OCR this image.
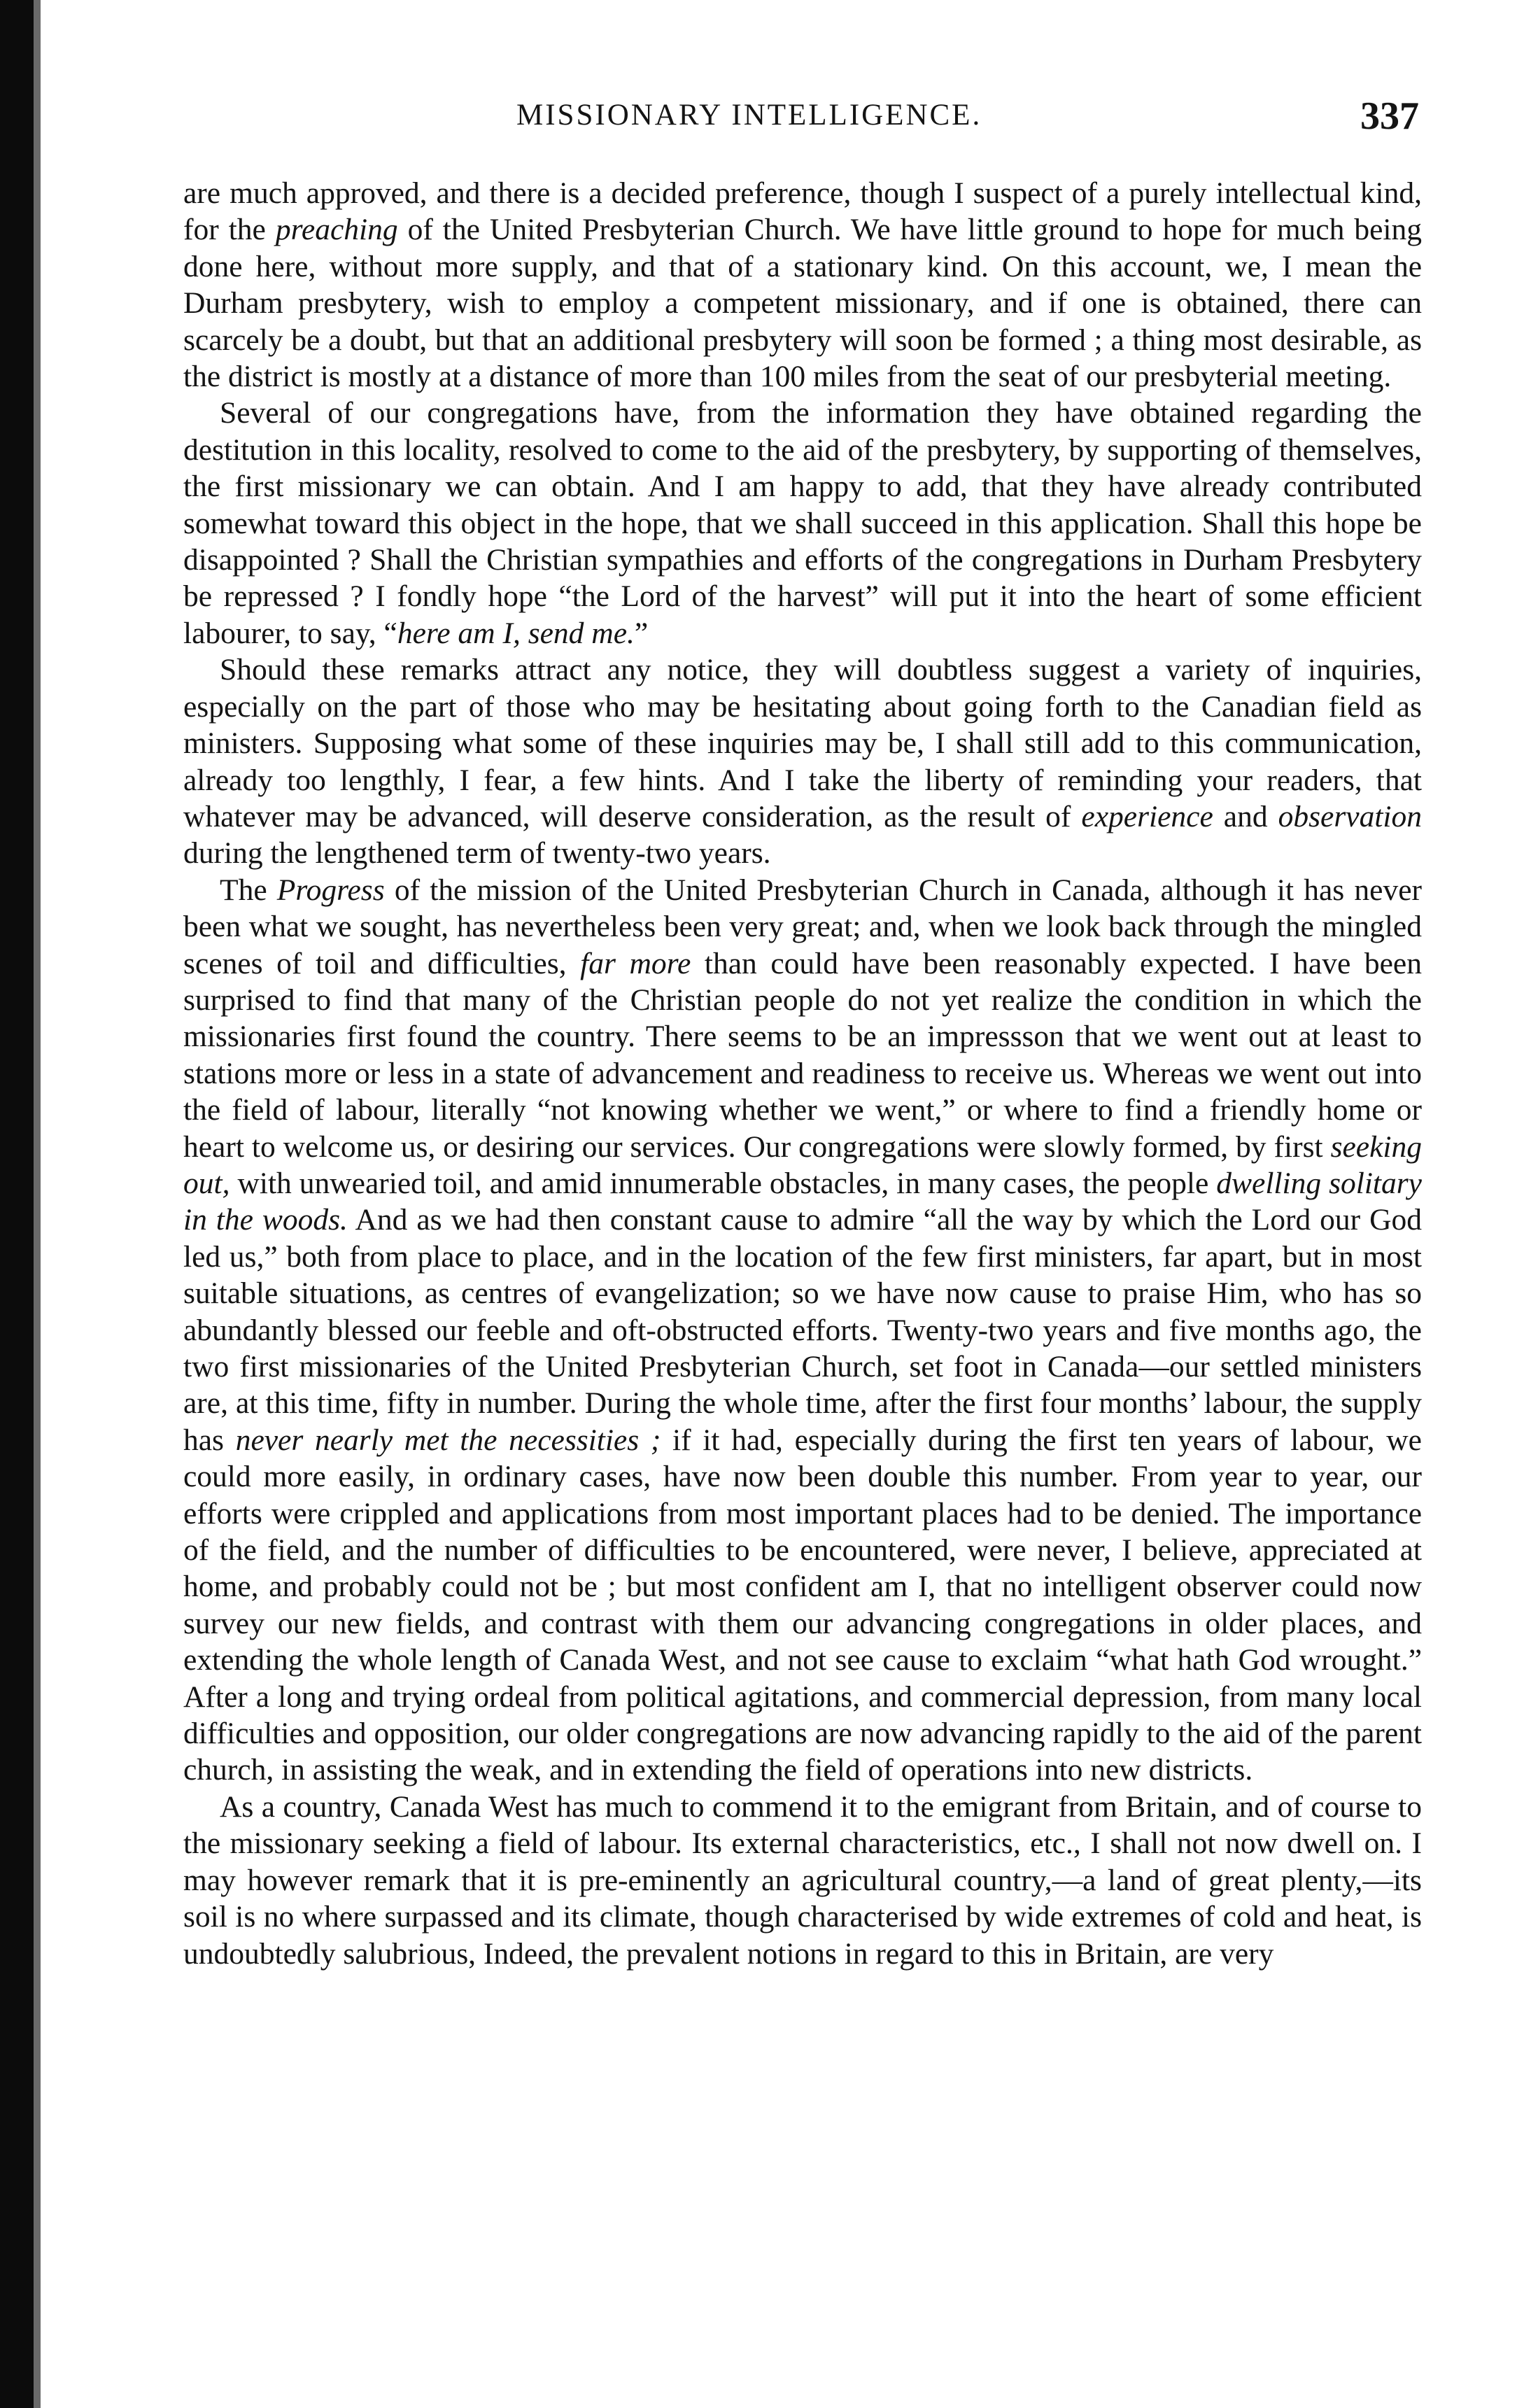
MISSIONARY INTELLIGENCE.	337

are much approved, and there is a decided preference, though I suspect of a purely intellectual kind, for the preaching of the United Presbyterian Church. We have little ground to hope for much being done here, without more supply, and that of a stationary kind. On this account, we, I mean the Durham presbytery, wish to employ a competent missionary, and if one is obtained, there can scarcely be a doubt, but that an additional presbytery will soon be formed ; a thing most desirable, as the district is mostly at a distance of more than 100 miles from the seat of our presbyterial meeting.

Several of our congregations have, from the information they have obtained regarding the destitution in this locality, resolved to come to the aid of the presbytery, by supporting of themselves, the first missionary we can obtain. And I am happy to add, that they have already contributed somewhat toward this object in the hope, that we shall succeed in this application. Shall this hope be disappointed ? Shall the Christian sympathies and efforts of the congregations in Durham Presbytery be repressed ? I fondly hope “the Lord of the harvest” will put it into the heart of some efficient labourer, to say, “here am I, send me.”

Should these remarks attract any notice, they will doubtless suggest a variety of inquiries, especially on the part of those who may be hesitating about going forth to the Canadian field as ministers. Supposing what some of these inquiries may be, I shall still add to this communication, already too lengthly, I fear, a few hints. And I take the liberty of reminding your readers, that whatever may be advanced, will deserve consideration, as the result of experience and observation during the lengthened term of twenty-two years.

The Progress of the mission of the United Presbyterian Church in Canada, although it has never been what we sought, has nevertheless been very great; and, when we look back through the mingled scenes of toil and difficulties, far more than could have been reasonably expected. I have been surprised to find that many of the Christian people do not yet realize the condition in which the missionaries first found the country. There seems to be an impressson that we went out at least to stations more or less in a state of advancement and readiness to receive us. Whereas we went out into the field of labour, literally “not knowing whether we went,” or where to find a friendly home or heart to welcome us, or desiring our services. Our congregations were slowly formed, by first seeking out, with unwearied toil, and amid innumerable obstacles, in many cases, the people dwelling solitary in the woods. And as we had then constant cause to admire “all the way by which the Lord our God led us,” both from place to place, and in the location of the few first ministers, far apart, but in most suitable situations, as centres of evangelization; so we have now cause to praise Him, who has so abundantly blessed our feeble and oft-obstructed efforts. Twenty-two years and five months ago, the two first missionaries of the United Presbyterian Church, set foot in Canada—our settled ministers are, at this time, fifty in number. During the whole time, after the first four months’ labour, the supply has never nearly met the necessities ; if it had, especially during the first ten years of labour, we could more easily, in ordinary cases, have now been double this number. From year to year, our efforts were crippled and applications from most important places had to be denied. The importance of the field, and the number of difficulties to be encountered, were never, I believe, appreciated at home, and probably could not be ; but most confident am I, that no intelligent observer could now survey our new fields, and contrast with them our advancing congregations in older places, and extending the whole length of Canada West, and not see cause to exclaim “what hath God wrought.” After a long and trying ordeal from political agitations, and commercial depression, from many local difficulties and opposition, our older congregations are now advancing rapidly to the aid of the parent church, in assisting the weak, and in extending the field of operations into new districts.

As a country, Canada West has much to commend it to the emigrant from Britain, and of course to the missionary seeking a field of labour. Its external characteristics, etc., I shall not now dwell on. I may however remark that it is pre-eminently an agricultural country,—a land of great plenty,—its soil is no where surpassed and its climate, though characterised by wide extremes of cold and heat, is undoubtedly salubrious, Indeed, the prevalent notions in regard to this in Britain, are very
